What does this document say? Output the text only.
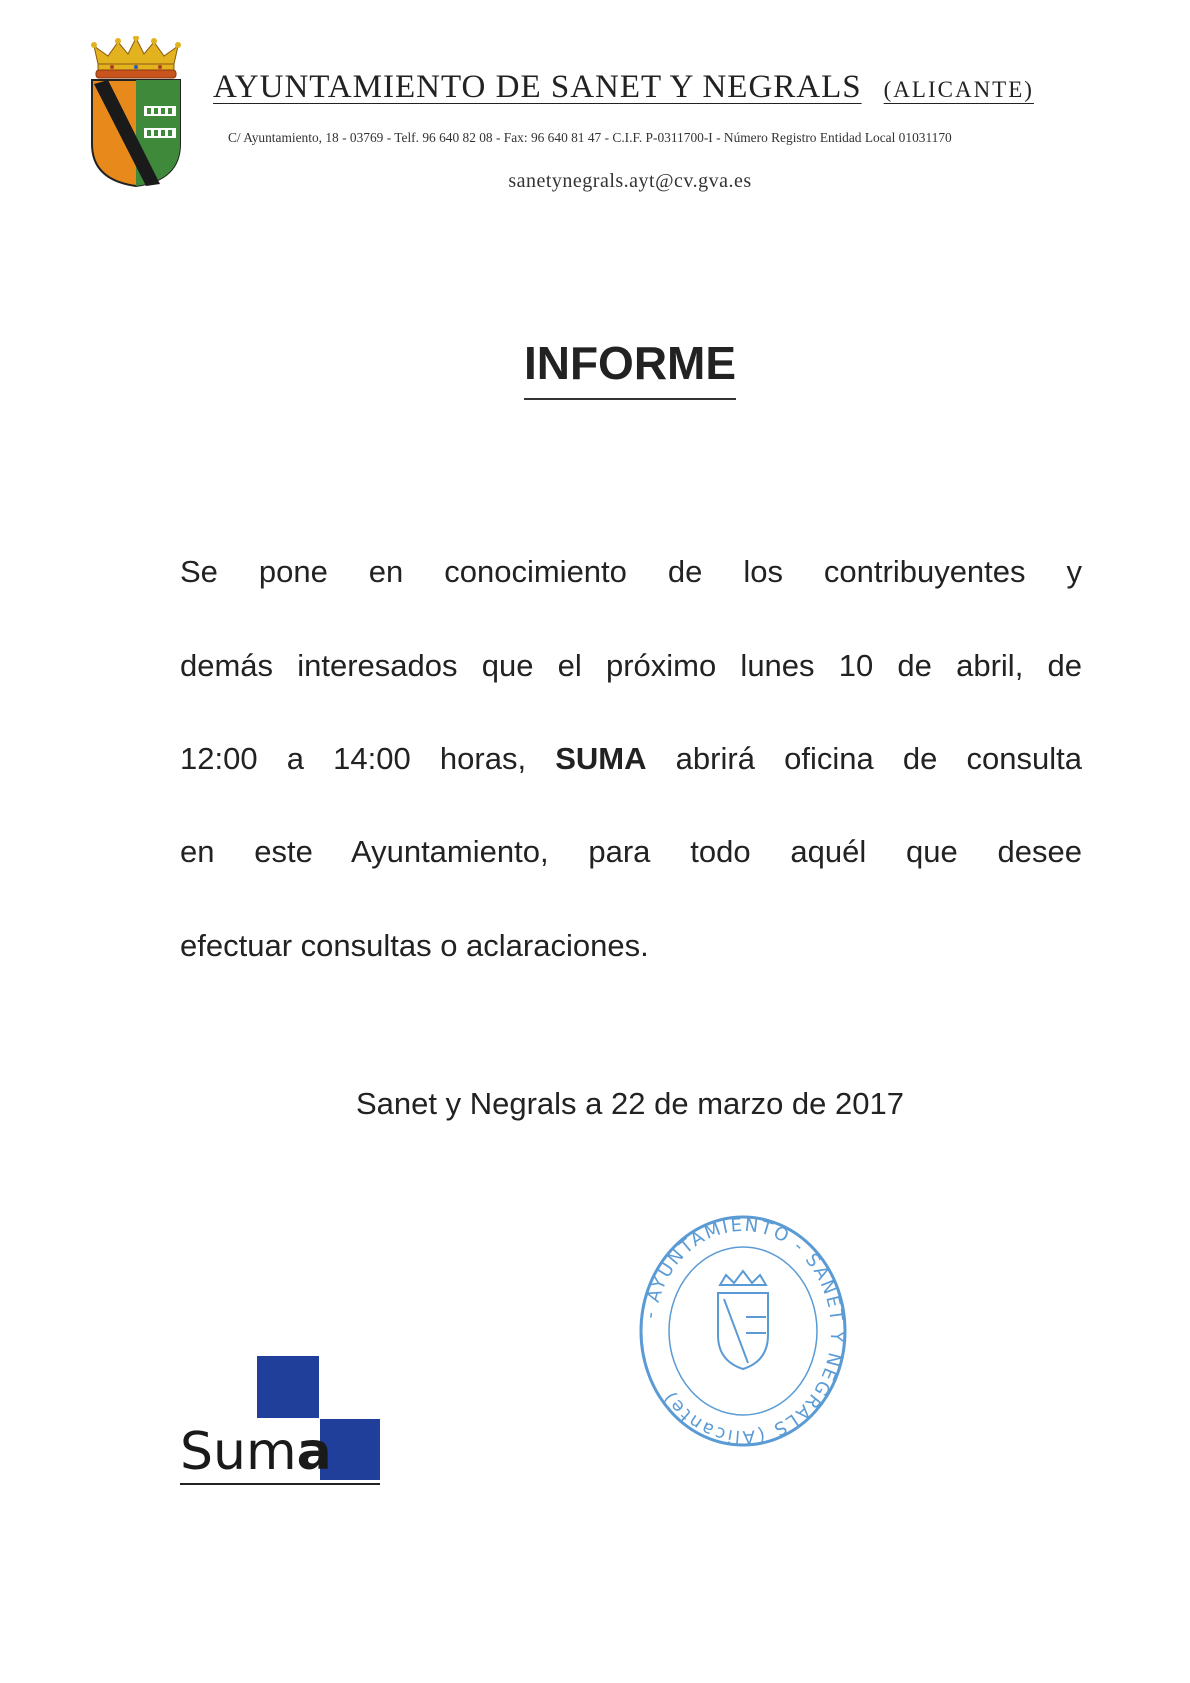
AYUNTAMIENTO DE SANET Y NEGRALS (ALICANTE)
C/ Ayuntamiento, 18 - 03769 - Telf. 96 640 82 08 - Fax: 96 640 81 47 - C.I.F. P-0311700-I - Número Registro Entidad Local 01031170
sanetynegrals.ayt@cv.gva.es
INFORME
Se pone en conocimiento de los contribuyentes y
demás interesados que el próximo lunes 10 de abril, de
12:00 a 14:00 horas, SUMA abrirá oficina de consulta
en este Ayuntamiento, para todo aquél que desee
efectuar consultas o aclaraciones.
Sanet y Negrals a 22 de marzo de 2017
- AYUNTAMIENTO - SANET Y NEGRALS (Alicante)
Suma
